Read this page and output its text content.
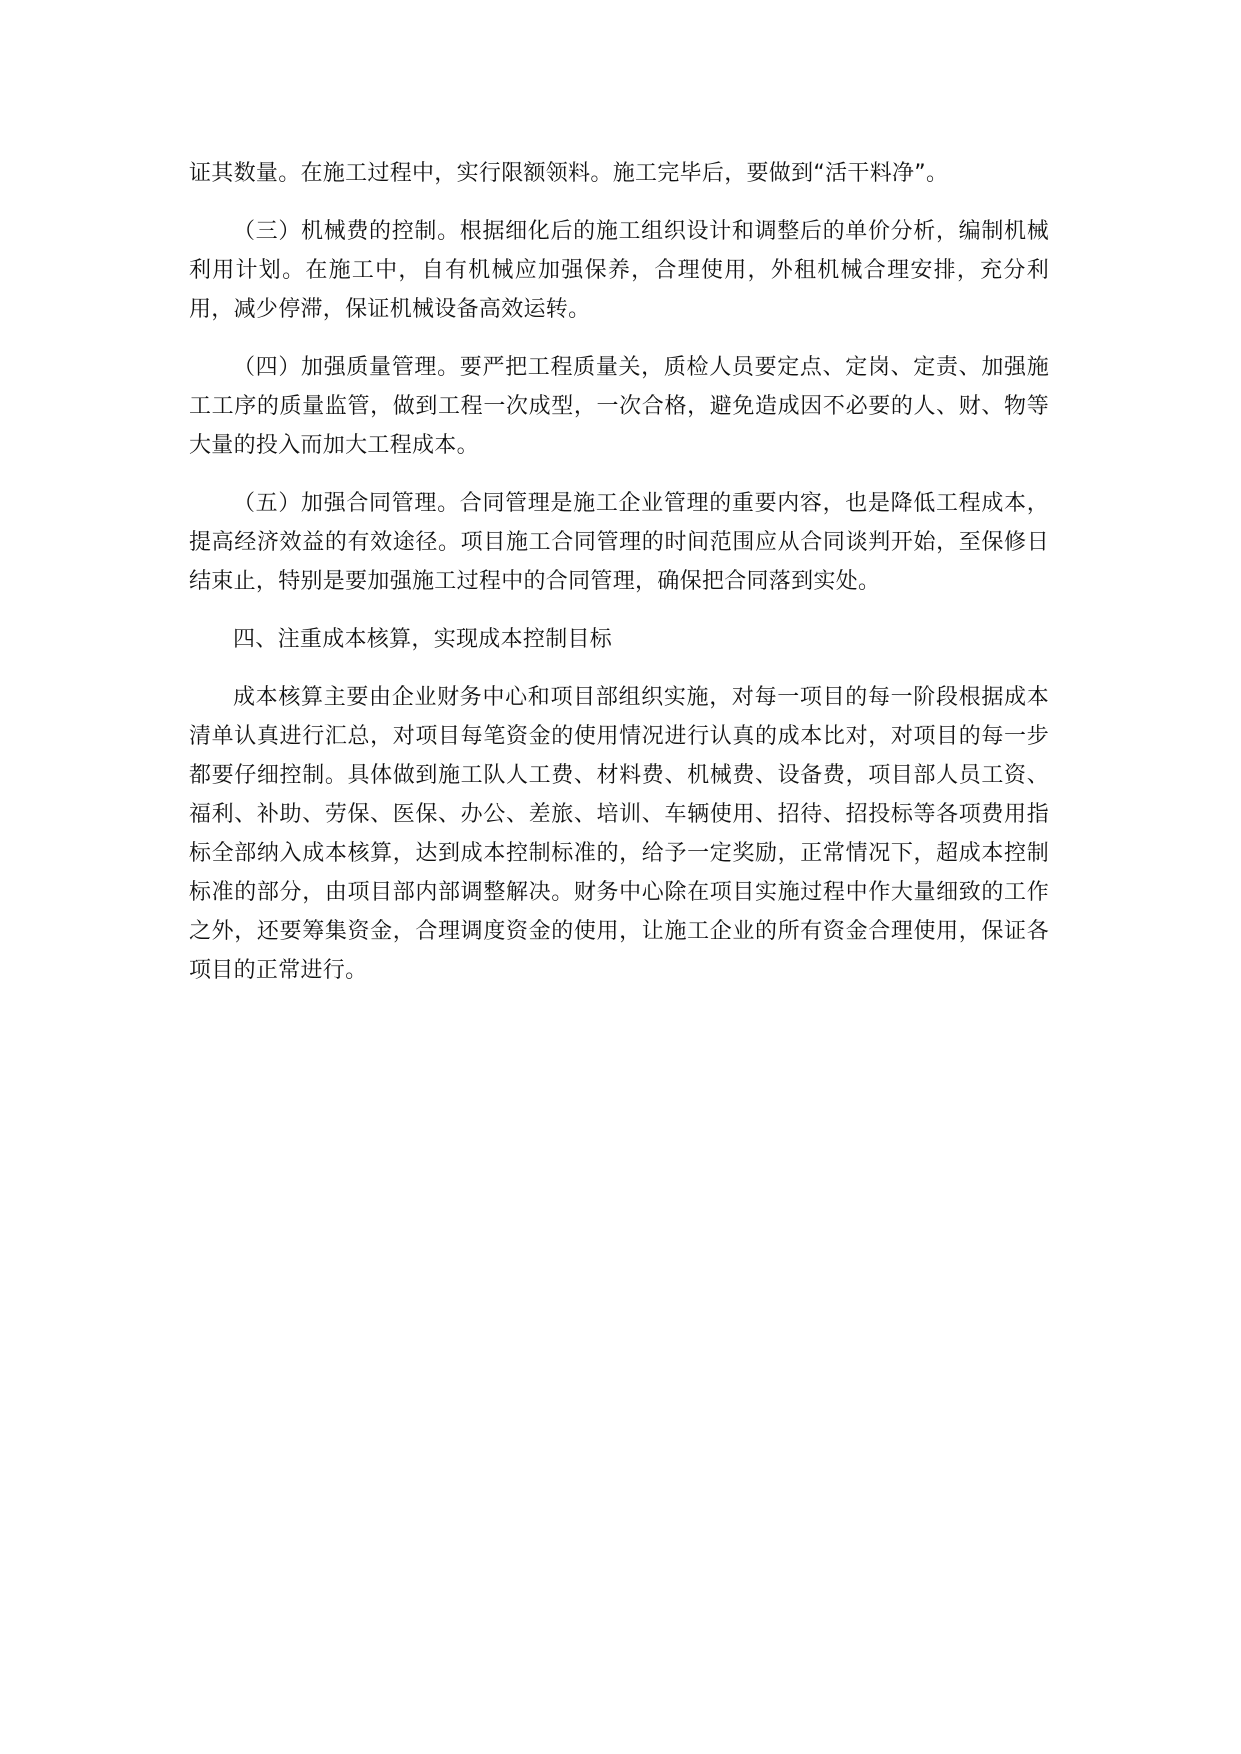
证其数量。在施工过程中，实行限额领料。施工完毕后，要做到“活干料净”。

（三）机械费的控制。根据细化后的施工组织设计和调整后的单价分析，编制机械利用计划。在施工中，自有机械应加强保养，合理使用，外租机械合理安排，充分利用，减少停滞，保证机械设备高效运转。

（四）加强质量管理。要严把工程质量关，质检人员要定点、定岗、定责、加强施工工序的质量监管，做到工程一次成型，一次合格，避免造成因不必要的人、财、物等大量的投入而加大工程成本。

（五）加强合同管理。合同管理是施工企业管理的重要内容，也是降低工程成本，提高经济效益的有效途径。项目施工合同管理的时间范围应从合同谈判开始，至保修日结束止，特别是要加强施工过程中的合同管理，确保把合同落到实处。

四、注重成本核算，实现成本控制目标

成本核算主要由企业财务中心和项目部组织实施，对每一项目的每一阶段根据成本清单认真进行汇总，对项目每笔资金的使用情况进行认真的成本比对，对项目的每一步都要仔细控制。具体做到施工队人工费、材料费、机械费、设备费，项目部人员工资、福利、补助、劳保、医保、办公、差旅、培训、车辆使用、招待、招投标等各项费用指标全部纳入成本核算，达到成本控制标准的，给予一定奖励，正常情况下，超成本控制标准的部分，由项目部内部调整解决。财务中心除在项目实施过程中作大量细致的工作之外，还要筹集资金，合理调度资金的使用，让施工企业的所有资金合理使用，保证各项目的正常进行。
